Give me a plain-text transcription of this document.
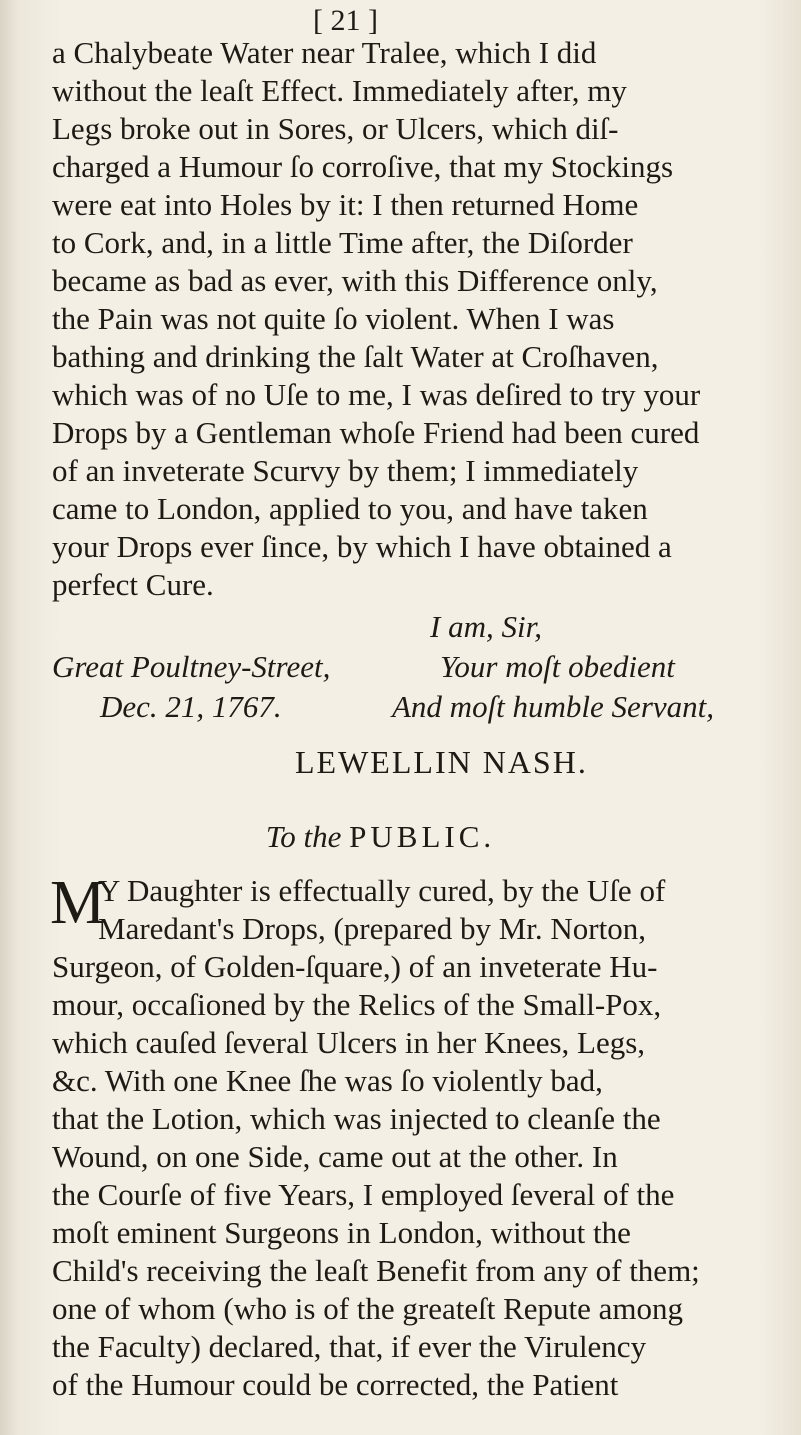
[ 21 ]
a Chalybeate Water near Tralee, which I did
without the leaſt Effect. Immediately after, my
Legs broke out in Sores, or Ulcers, which diſ-
charged a Humour ſo corroſive, that my Stockings
were eat into Holes by it: I then returned Home
to Cork, and, in a little Time after, the Diſorder
became as bad as ever, with this Difference only,
the Pain was not quite ſo violent. When I was
bathing and drinking the ſalt Water at Croſhaven,
which was of no Uſe to me, I was deſired to try your
Drops by a Gentleman whoſe Friend had been cured
of an inveterate Scurvy by them; I immediately
came to London, applied to you, and have taken
your Drops ever ſince, by which I have obtained a
perfect Cure.
I am, Sir,
Great Poultney-Street,	Your moſt obedient
Dec. 21, 1767.	And moſt humble Servant,
LEWELLIN NASH.
To the PUBLIC.
M
Y Daughter is effectually cured, by the Uſe of
Maredant's Drops, (prepared by Mr. Norton,
Surgeon, of Golden-ſquare,) of an inveterate Hu-
mour, occaſioned by the Relics of the Small-Pox,
which cauſed ſeveral Ulcers in her Knees, Legs,
&c. With one Knee ſhe was ſo violently bad,
that the Lotion, which was injected to cleanſe the
Wound, on one Side, came out at the other. In
the Courſe of five Years, I employed ſeveral of the
moſt eminent Surgeons in London, without the
Child's receiving the leaſt Benefit from any of them;
one of whom (who is of the greateſt Repute among
the Faculty) declared, that, if ever the Virulency
of the Humour could be corrected, the Patient
